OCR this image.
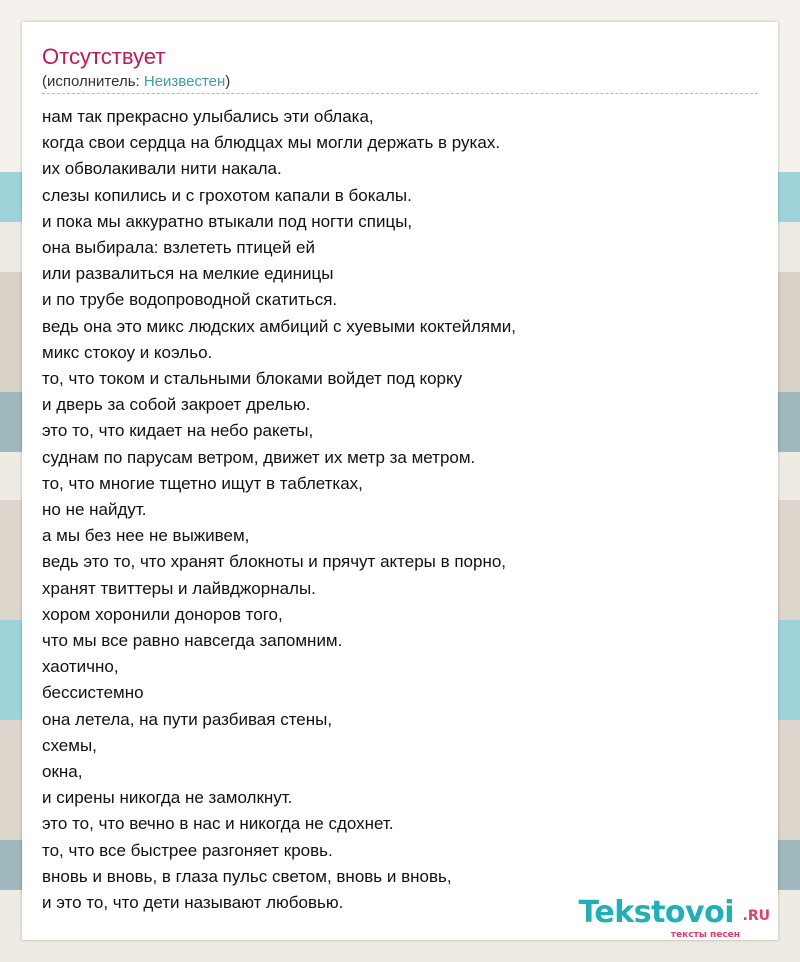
Отсутствует
(исполнитель: Неизвестен)
нам так прекрасно улыбались эти облака,
когда свои сердца на блюдцах мы могли держать в руках.
их обволакивали нити накала.
слезы копились и с грохотом капали в бокалы.
и пока мы аккуратно втыкали под ногти спицы,
она выбирала: взлететь птицей ей
или развалиться на мелкие единицы
и по трубе водопроводной скатиться.
ведь она это микс людских амбиций с хуевыми коктейлями,
микс стокоу и коэльо.
то, что током и стальными блоками войдет под корку
и дверь за собой закроет дрелью.
это то, что кидает на небо ракеты,
суднам по парусам ветром, движет их метр за метром.
то, что многие тщетно ищут в таблетках,
но не найдут.
а мы без нее не выживем,
ведь это то, что хранят блокноты и прячут актеры в порно,
хранят твиттеры и лайвджорналы.
хором хоронили доноров того,
что мы все равно навсегда запомним.
хаотично,
бессистемно
она летела, на пути разбивая стены,
схемы,
окна,
и сирены никогда не замолкнут.
это то, что вечно в нас и никогда не сдохнет.
то, что все быстрее разгоняет кровь.
вновь и вновь, в глаза пульс светом, вновь и вновь,
и это то, что дети называют любовью.	Tekstovoi .RU
тексты песен
